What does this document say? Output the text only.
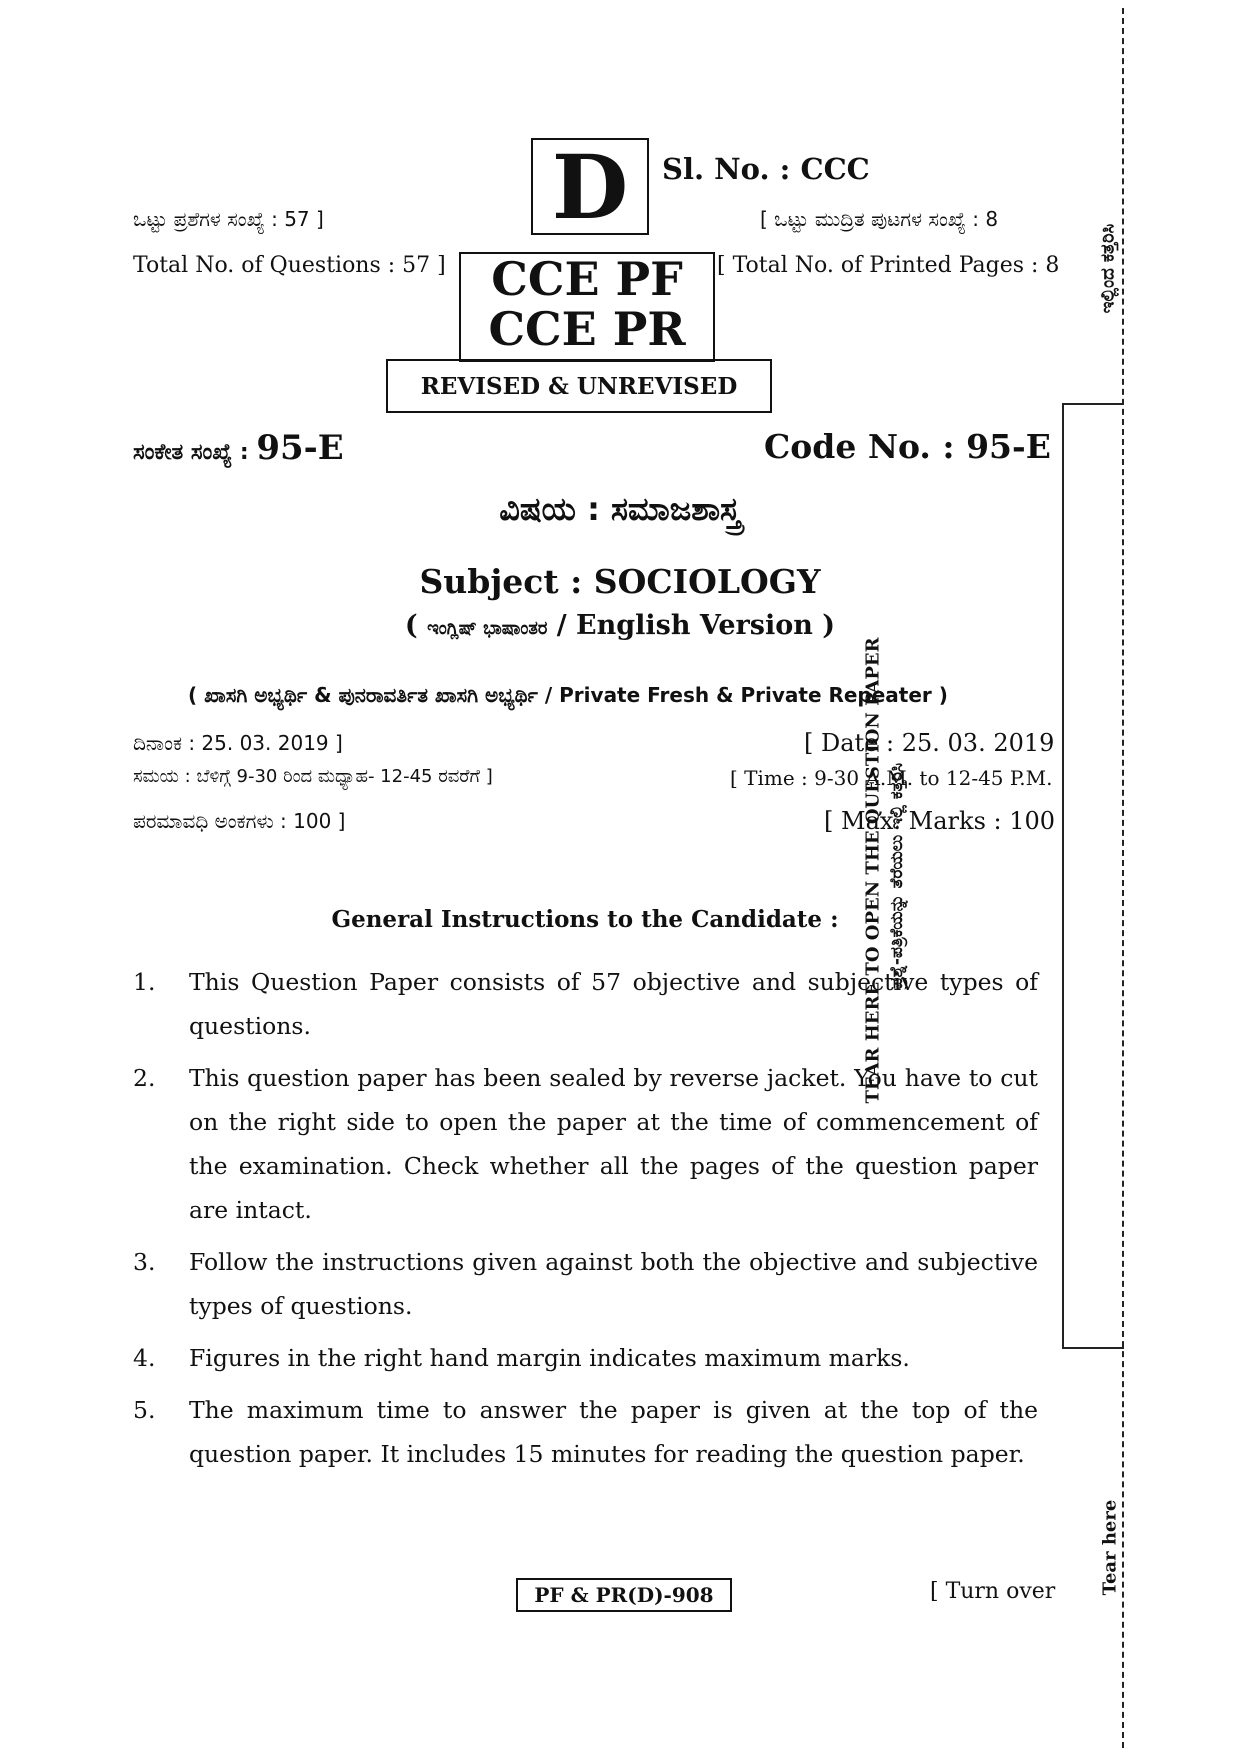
D	Sl. No. : CCC
ಒಟ್ಟು ಪ್ರಶೆಗಳ ಸಂಖ್ಯೆ : 57 ]
Total No. of Questions : 57 ]
[ ಒಟ್ಟು ಮುದ್ರಿತ ಪುಟಗಳ ಸಂಖ್ಯೆ : 8
[ Total No. of Printed Pages : 8
CCE PF
CCE PR
REVISED & UNREVISED
ಸಂಕೇತ ಸಂಖ್ಯೆ : 95-E	Code No. : 95-E
ವಿಷಯ : ಸಮಾಜಶಾಸ್ತ್ರ
Subject : SOCIOLOGY
( ಇಂಗ್ಲಿಷ್ ಭಾಷಾಂತರ / English Version )
( ಖಾಸಗಿ ಅಭ್ಯರ್ಥಿ & ಪುನರಾವರ್ತಿತ ಖಾಸಗಿ ಅಭ್ಯರ್ಥಿ / Private Fresh & Private Repeater )
ದಿನಾಂಕ : 25. 03. 2019 ]	[ Date : 25. 03. 2019
ಸಮಯ : ಬೆಳಿಗ್ಗೆ 9-30 ರಿಂದ ಮಧ್ಯಾಹ- 12-45 ರವರೆಗೆ ]	[ Time : 9-30 A.M. to 12-45 P.M.
ಪರಮಾವಧಿ ಅಂಕಗಳು : 100 ]	[ Max. Marks : 100
General Instructions to the Candidate :
1.	This Question Paper consists of 57 objective and subjective types of questions.
2.	This question paper has been sealed by reverse jacket. You have to cut on the right side to open the paper at the time of commencement of the examination. Check whether all the pages of the question paper are intact.
3.	Follow the instructions given against both the objective and subjective types of questions.
4.	Figures in the right hand margin indicates maximum marks.
5.	The maximum time to answer the paper is given at the top of the question paper. It includes 15 minutes for reading the question paper.
PF & PR(D)-908	[ Turn over
ಇಲ್ಲಿಂದ ಕತ್ತರಿಸಿ
TEAR HERE TO OPEN THE QUESTION PAPER ಪ್ರಶ್ನೆ-ಪತ್ರಿಕೆಯನ್ನು ತೆರೆಯಲು ಇಲ್ಲಿ ಕತ್ತರಿಸಿ
Tear here
